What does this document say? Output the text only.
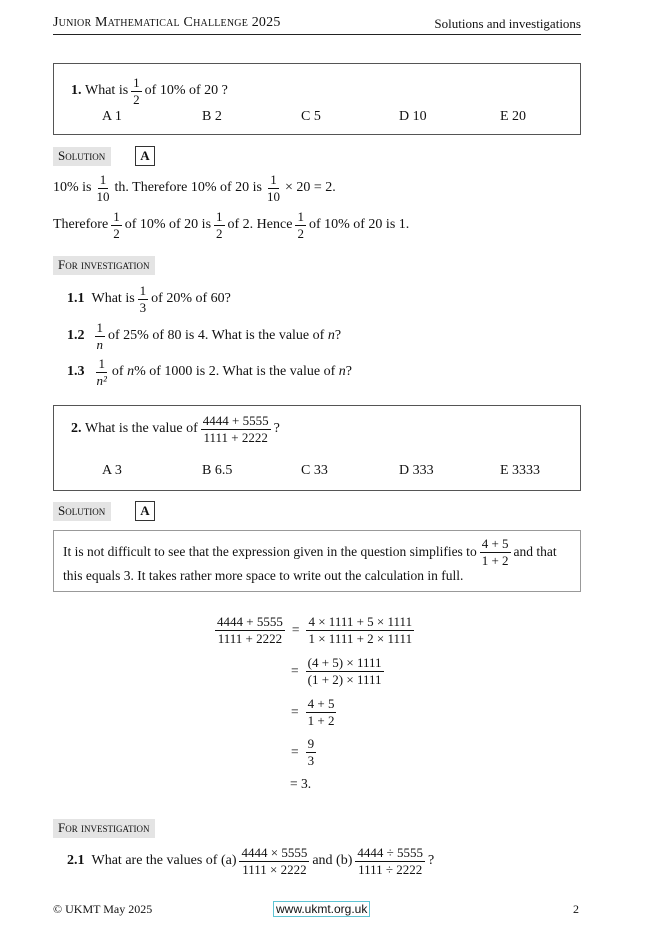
Junior Mathematical Challenge 2025	Solutions and investigations
1.
What is $\frac{1}{2}$ of 10% of 20 ?
A 1	B 2	C 5	D 10	E 20
Solution	A
10% is $\frac{1}{10}$ th. Therefore 10% of 20 is $\frac{1}{10} \times 20 = 2$.
Therefore $\frac{1}{2}$ of 10% of 20 is $\frac{1}{2}$ of 2. Hence $\frac{1}{2}$ of 10% of 20 is 1.
For investigation
1.1
What is $\frac{1}{3}$ of 20% of 60?
1.2
$\frac{1}{n}$ of 25% of 80 is 4. What is the value of
n ?
1.3
$\frac{1}{\text{n²}}$ of
n % of 1000 is 2. What is the value of
n ?
2.
What is the value of $\frac{4444 + 5555}{1111 + 2222}$ ?
A 3	B 6.5	C 33	D 333	E 3333
Solution	A
It is not difficult to see that the expression given in the question simplifies to $\frac{4 + 5}{1 + 2}$ and that
this equals 3. It takes rather more space to write out the calculation in full.
$\frac{4444 + 5555}{1111 + 2222} = \frac{4 \times 1111 + 5 \times 1111}{1 \times 1111 + 2 \times 1111}$
= $\frac{(4 + 5) \times 1111}{(1 + 2) \times 1111}$
= $\frac{4 + 5}{1 + 2}$
= $\frac{9}{3}$
= 3.
For investigation
2.1
What are the values of $(a) \frac{4444 \times 5555}{1111 \times 2222}$ and $(b) \frac{4444 \div 5555}{1111 \div 2222}$ ?
© UKMT May 2025	www.ukmt.org.uk	2
